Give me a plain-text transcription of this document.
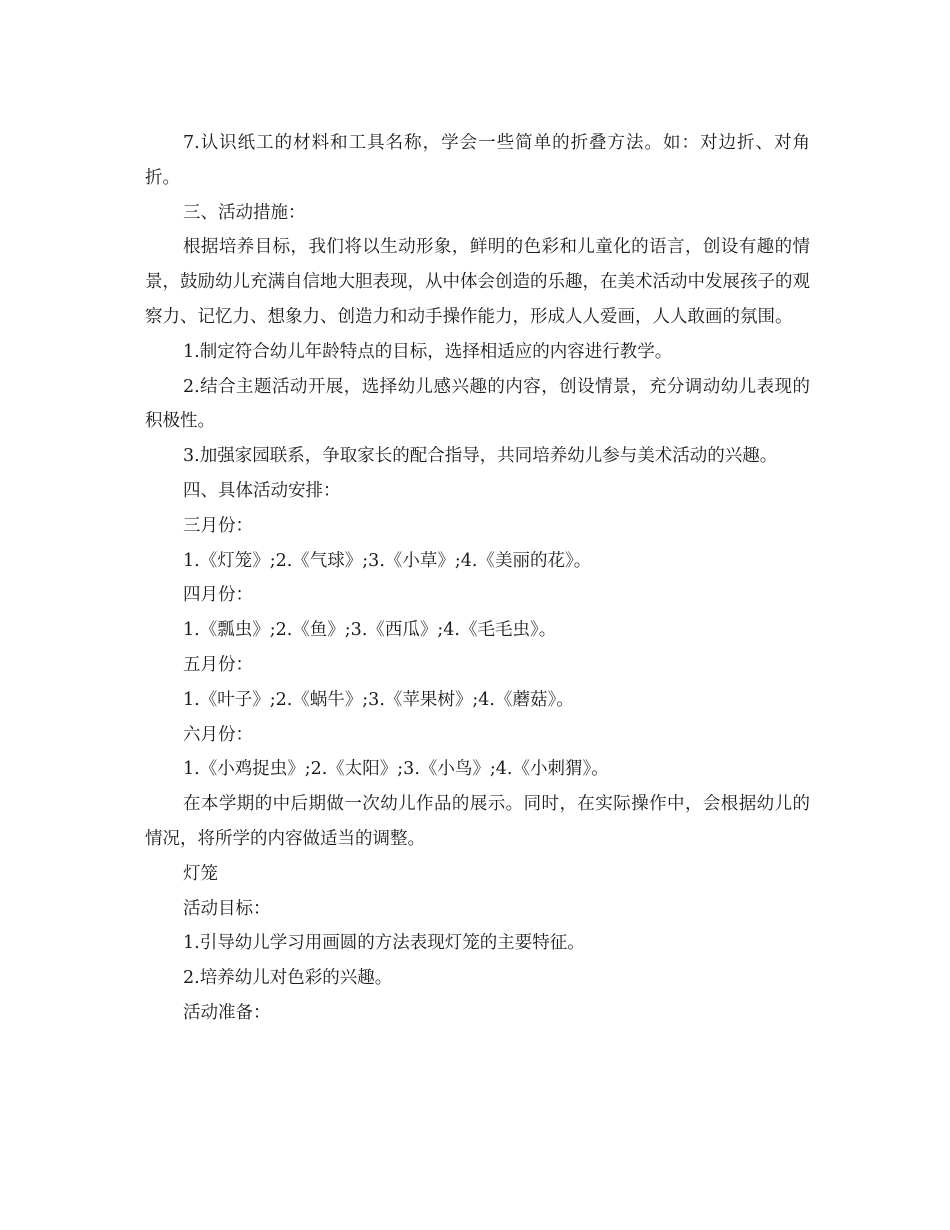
7.认识纸工的材料和工具名称，学会一些简单的折叠方法。如：对边折、对角折。

三、活动措施：

根据培养目标，我们将以生动形象，鲜明的色彩和儿童化的语言，创设有趣的情景，鼓励幼儿充满自信地大胆表现，从中体会创造的乐趣，在美术活动中发展孩子的观察力、记忆力、想象力、创造力和动手操作能力，形成人人爱画，人人敢画的氛围。

1.制定符合幼儿年龄特点的目标，选择相适应的内容进行教学。

2.结合主题活动开展，选择幼儿感兴趣的内容，创设情景，充分调动幼儿表现的积极性。

3.加强家园联系，争取家长的配合指导，共同培养幼儿参与美术活动的兴趣。

四、具体活动安排：

三月份：

1.《灯笼》;2.《气球》;3.《小草》;4.《美丽的花》。

四月份：

1.《瓢虫》;2.《鱼》;3.《西瓜》;4.《毛毛虫》。

五月份：

1.《叶子》;2.《蜗牛》;3.《苹果树》;4.《蘑菇》。

六月份：

1.《小鸡捉虫》;2.《太阳》;3.《小鸟》;4.《小刺猬》。

在本学期的中后期做一次幼儿作品的展示。同时，在实际操作中，会根据幼儿的情况，将所学的内容做适当的调整。

灯笼

活动目标：

1.引导幼儿学习用画圆的方法表现灯笼的主要特征。

2.培养幼儿对色彩的兴趣。

活动准备：
